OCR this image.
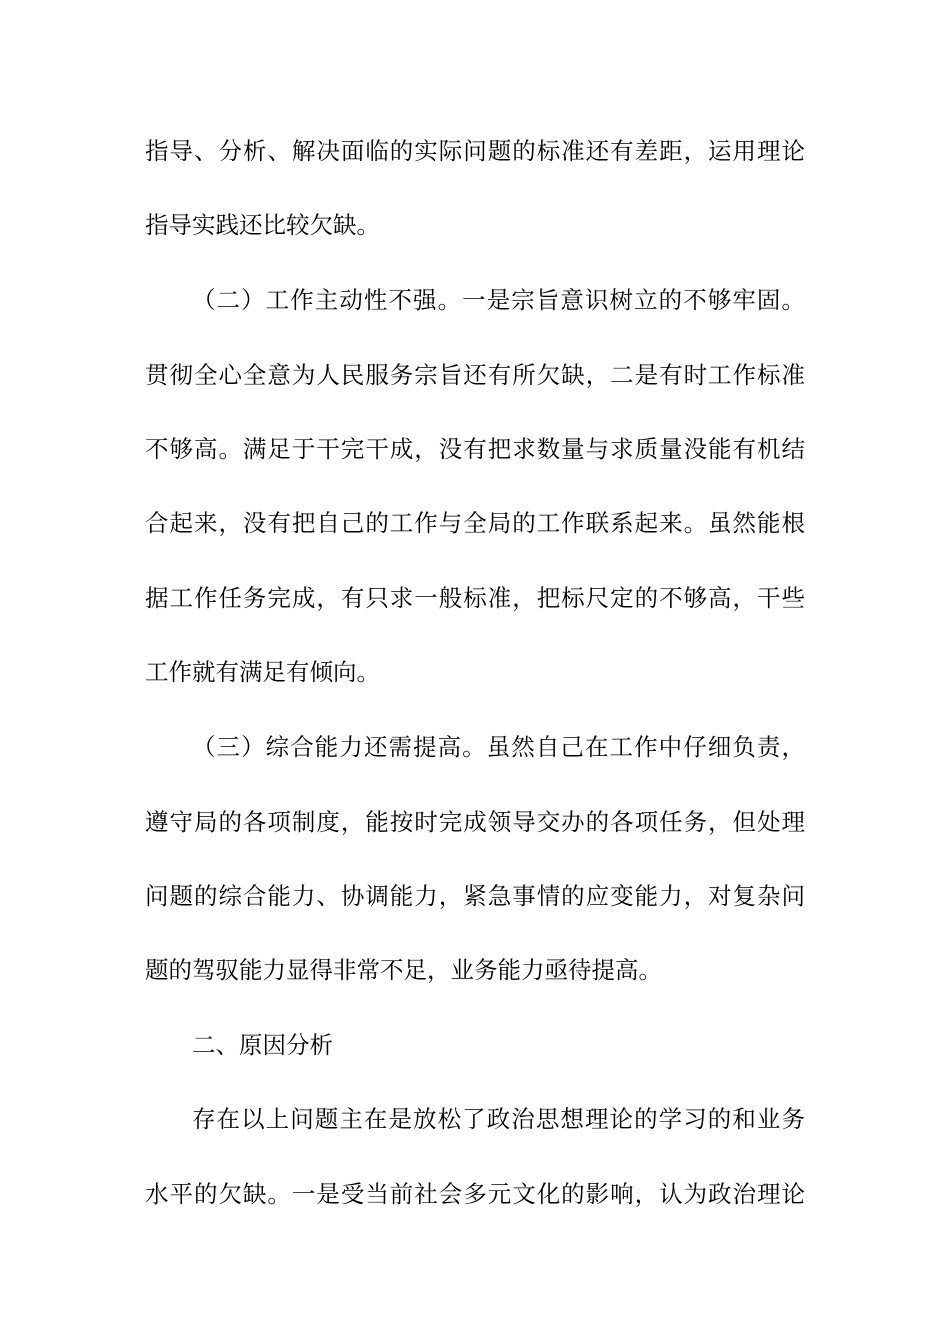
指导、分析、解决面临的实际问题的标准还有差距，运用理论
指导实践还比较欠缺。
（二）工作主动性不强。一是宗旨意识树立的不够牢固。
贯彻全心全意为人民服务宗旨还有所欠缺，二是有时工作标准
不够高。满足于干完干成，没有把求数量与求质量没能有机结
合起来，没有把自己的工作与全局的工作联系起来。虽然能根
据工作任务完成，有只求一般标准，把标尺定的不够高，干些
工作就有满足有倾向。
（三）综合能力还需提高。虽然自己在工作中仔细负责，
遵守局的各项制度，能按时完成领导交办的各项任务，但处理
问题的综合能力、协调能力，紧急事情的应变能力，对复杂问
题的驾驭能力显得非常不足，业务能力亟待提高。
二、原因分析
存在以上问题主在是放松了政治思想理论的学习的和业务
水平的欠缺。一是受当前社会多元文化的影响，认为政治理论
